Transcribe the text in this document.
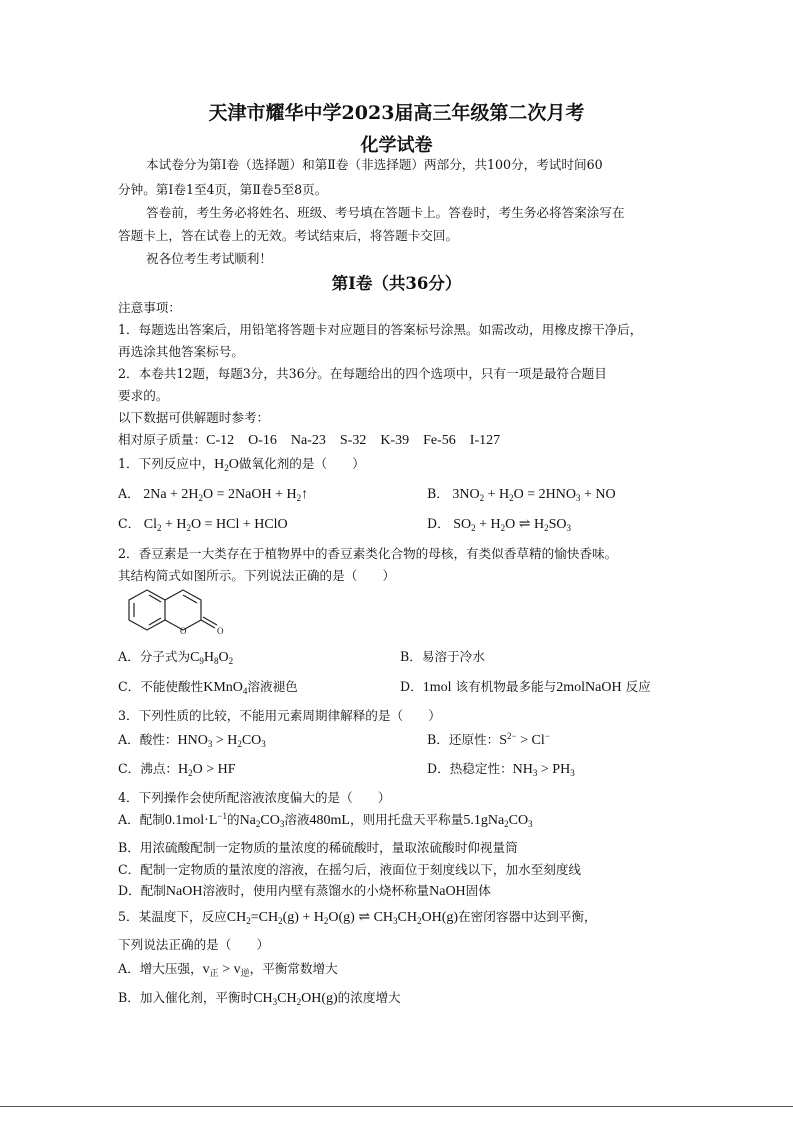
天津市耀华中学2023届高三年级第二次月考
化学试卷
本试卷分为第Ⅰ卷（选择题）和第Ⅱ卷（非选择题）两部分，共100分，考试时间60
分钟。第Ⅰ卷1至4页，第Ⅱ卷5至8页。
答卷前，考生务必将姓名、班级、考号填在答题卡上。答卷时，考生务必将答案涂写在
答题卡上，答在试卷上的无效。考试结束后，将答题卡交回。
祝各位考生考试顺利！
第Ⅰ卷（共36分）
注意事项：
1．每题选出答案后，用铅笔将答题卡对应题目的答案标号涂黑。如需改动，用橡皮擦干净后，
再选涂其他答案标号。
2．本卷共12题，每题3分，共36分。在每题给出的四个选项中，只有一项是最符合题目
要求的。
以下数据可供解题时参考：
相对原子质量：C-12　O-16　Na-23　S-32　K-39　Fe-56　I-127
1．下列反应中，$H_2O$做氧化剂的是（　　）
A． $2Na + 2H_2O$ = 2NaOH + $H_2↑$	B． $3NO_2 + H_2O = 2HNO_3$ + NO
C． $Cl_2 + H_2O$ = HCl + HClO	D． $SO_2 + H_2O$ ⇌ $H_2SO_3$
2．香豆素是一大类存在于植物界中的香豆素类化合物的母核，有类似香草精的愉快香味。
其结构简式如图所示。下列说法正确的是（　　）
O	O
A．分子式为$C_9H_8O_2$	B．易溶于冷水
C．不能使酸性KMnO$_4$溶液褪色	D．1mol 该有机物最多能与2molNaOH 反应
3．下列性质的比较，不能用元素周期律解释的是（　　）
A．酸性：$HNO_3 > H_2CO_3$	B．还原性：$S^{2-} > Cl^-$
C．沸点：$H_2O$ > HF	D．热稳定性：$NH_3 > PH_3$
4．下列操作会使所配溶液浓度偏大的是（　　）
A．配制$0.1mol\cdot L^{-1}$的$Na_2CO_3$溶液480mL，则用托盘天平称量$5.1gNa_2CO_3$
B．用浓硫酸配制一定物质的量浓度的稀硫酸时，量取浓硫酸时仰视量筒
C．配制一定物质的量浓度的溶液，在摇匀后，液面位于刻度线以下，加水至刻度线
D．配制NaOH溶液时，使用内壁有蒸馏水的小烧杯称量NaOH固体
5．某温度下，反应$CH_2=CH_2(g) + H_2O(g)$ ⇌ $CH_3CH_2OH(g)$在密闭容器中达到平衡，
下列说法正确的是（　　）
A．增大压强，$v_正 > v_逆$，平衡常数增大
B．加入催化剂，平衡时$CH_3CH_2OH(g)$的浓度增大
